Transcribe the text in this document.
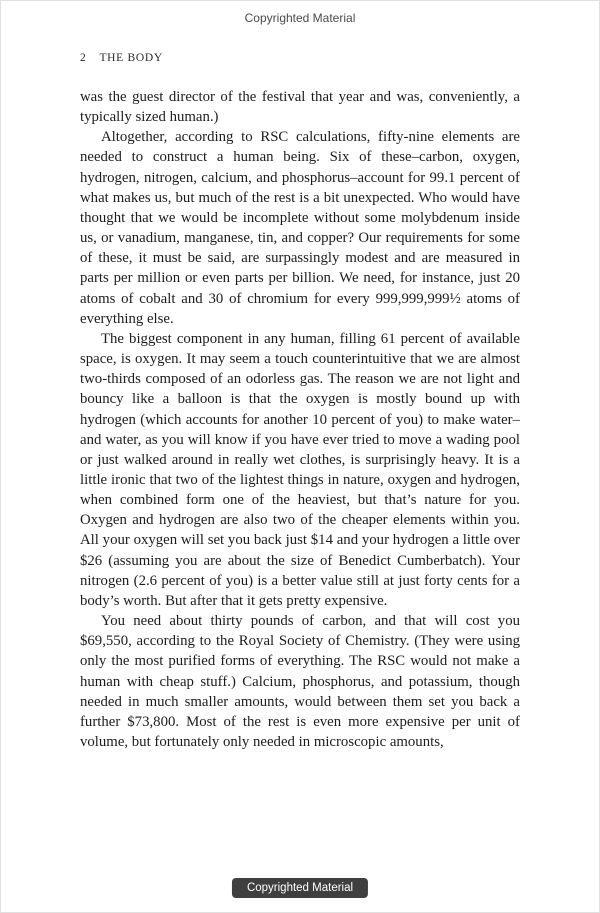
Copyrighted Material
2 THE BODY

was the guest director of the festival that year and was, conveniently, a typically sized human.)

Altogether, according to RSC calculations, fifty-nine elements are needed to construct a human being. Six of these–carbon, oxygen, hydrogen, nitrogen, calcium, and phosphorus–account for 99.1 percent of what makes us, but much of the rest is a bit unexpected. Who would have thought that we would be incomplete without some molybdenum inside us, or vanadium, manganese, tin, and copper? Our requirements for some of these, it must be said, are surpassingly modest and are measured in parts per million or even parts per billion. We need, for instance, just 20 atoms of cobalt and 30 of chromium for every 999,999,999½ atoms of everything else.

The biggest component in any human, filling 61 percent of available space, is oxygen. It may seem a touch counterintuitive that we are almost two-thirds composed of an odorless gas. The reason we are not light and bouncy like a balloon is that the oxygen is mostly bound up with hydrogen (which accounts for another 10 percent of you) to make water–and water, as you will know if you have ever tried to move a wading pool or just walked around in really wet clothes, is surprisingly heavy. It is a little ironic that two of the lightest things in nature, oxygen and hydrogen, when combined form one of the heaviest, but that’s nature for you. Oxygen and hydrogen are also two of the cheaper elements within you. All your oxygen will set you back just $14 and your hydrogen a little over $26 (assuming you are about the size of Benedict Cumberbatch). Your nitrogen (2.6 percent of you) is a better value still at just forty cents for a body’s worth. But after that it gets pretty expensive.

You need about thirty pounds of carbon, and that will cost you $69,550, according to the Royal Society of Chemistry. (They were using only the most purified forms of everything. The RSC would not make a human with cheap stuff.) Calcium, phosphorus, and potassium, though needed in much smaller amounts, would between them set you back a further $73,800. Most of the rest is even more expensive per unit of volume, but fortunately only needed in microscopic amounts,

Copyrighted Material
